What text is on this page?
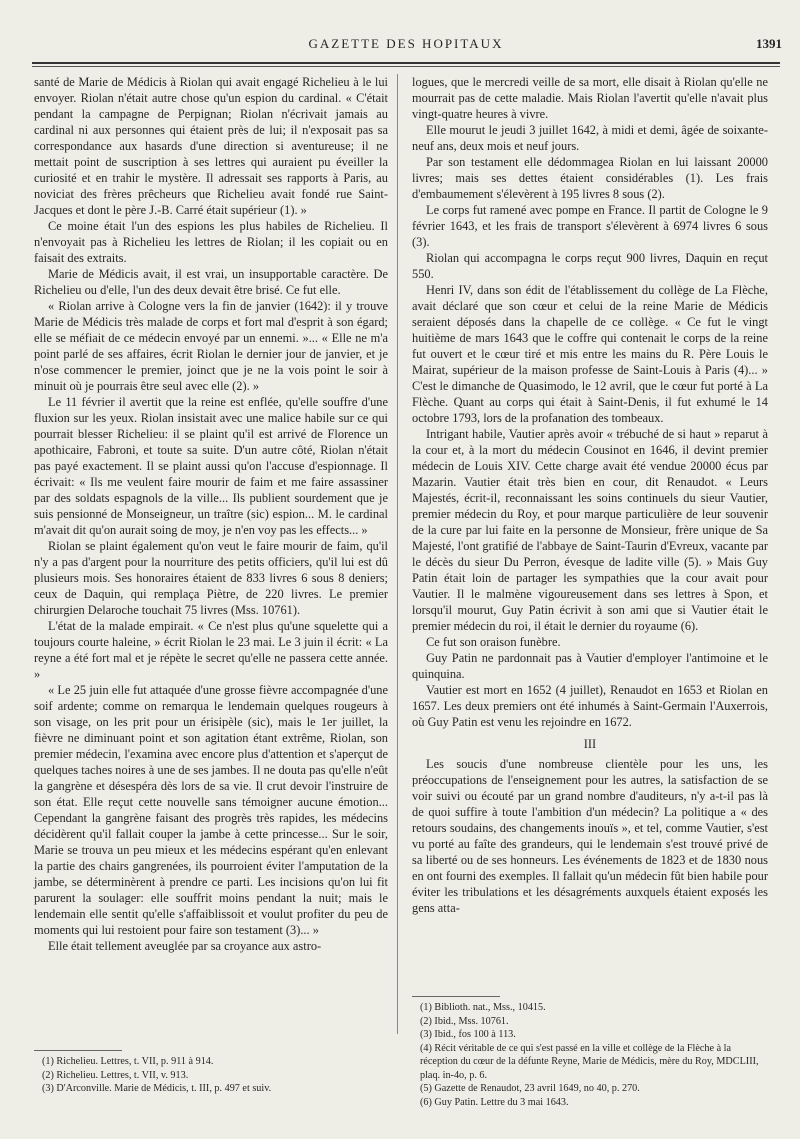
GAZETTE DES HOPITAUX	1391

santé de Marie de Médicis à Riolan qui avait engagé Richelieu à le lui envoyer. Riolan n'était autre chose qu'un espion du cardinal. « C'était pendant la campagne de Perpignan; Riolan n'écrivait jamais au cardinal ni aux personnes qui étaient près de lui; il n'exposait pas sa correspondance aux hasards d'une direction si aventureuse; il ne mettait point de suscription à ses lettres qui auraient pu éveiller la curiosité et en trahir le mystère. Il adressait ses rapports à Paris, au noviciat des frères prêcheurs que Richelieu avait fondé rue Saint-Jacques et dont le père J.-B. Carré était supérieur (1). »

Ce moine était l'un des espions les plus habiles de Richelieu. Il n'envoyait pas à Richelieu les lettres de Riolan; il les copiait ou en faisait des extraits.

Marie de Médicis avait, il est vrai, un insupportable caractère. De Richelieu ou d'elle, l'un des deux devait être brisé. Ce fut elle.

« Riolan arrive à Cologne vers la fin de janvier (1642): il y trouve Marie de Médicis très malade de corps et fort mal d'esprit à son égard; elle se méfiait de ce médecin envoyé par un ennemi. »... « Elle ne m'a point parlé de ses affaires, écrit Riolan le dernier jour de janvier, et je n'ose commencer le premier, joinct que je ne la vois point le soir à minuit où je pourrais être seul avec elle (2). »

Le 11 février il avertit que la reine est enflée, qu'elle souffre d'une fluxion sur les yeux. Riolan insistait avec une malice habile sur ce qui pourrait blesser Richelieu: il se plaint qu'il est arrivé de Florence un apothicaire, Fabroni, et toute sa suite. D'un autre côté, Riolan n'était pas payé exactement. Il se plaint aussi qu'on l'accuse d'espionnage. Il écrivait: « Ils me veulent faire mourir de faim et me faire assassiner par des soldats espagnols de la ville... Ils publient sourdement que je suis pensionné de Monseigneur, un traître (sic) espion... M. le cardinal m'avait dit qu'on aurait soing de moy, je n'en voy pas les effects... »

Riolan se plaint également qu'on veut le faire mourir de faim, qu'il n'y a pas d'argent pour la nourriture des petits officiers, qu'il lui est dû plusieurs mois. Ses honoraires étaient de 833 livres 6 sous 8 deniers; ceux de Daquin, qui remplaça Piètre, de 220 livres. Le premier chirurgien Delaroche touchait 75 livres (Mss. 10761).

L'état de la malade empirait. « Ce n'est plus qu'une squelette qui a toujours courte haleine, » écrit Riolan le 23 mai. Le 3 juin il écrit: « La reyne a été fort mal et je répète le secret qu'elle ne passera cette année. »

« Le 25 juin elle fut attaquée d'une grosse fièvre accompagnée d'une soif ardente; comme on remarqua le lendemain quelques rougeurs à son visage, on les prit pour un érisipèle (sic), mais le 1er juillet, la fièvre ne diminuant point et son agitation étant extrême, Riolan, son premier médecin, l'examina avec encore plus d'attention et s'aperçut de quelques taches noires à une de ses jambes. Il ne douta pas qu'elle n'eût la gangrène et désespéra dès lors de sa vie. Il crut devoir l'instruire de son état. Elle reçut cette nouvelle sans témoigner aucune émotion... Cependant la gangrène faisant des progrès très rapides, les médecins décidèrent qu'il fallait couper la jambe à cette princesse... Sur le soir, Marie se trouva un peu mieux et les médecins espérant qu'en enlevant la partie des chairs gangrenées, ils pourroient éviter l'amputation de la jambe, se déterminèrent à prendre ce parti. Les incisions qu'on lui fit parurent la soulager: elle souffrit moins pendant la nuit; mais le lendemain elle sentit qu'elle s'affaiblissoit et voulut profiter du peu de moments qui lui restoient pour faire son testament (3)... »

Elle était tellement aveuglée par sa croyance aux astro-

logues, que le mercredi veille de sa mort, elle disait à Riolan qu'elle ne mourrait pas de cette maladie. Mais Riolan l'avertit qu'elle n'avait plus vingt-quatre heures à vivre.

Elle mourut le jeudi 3 juillet 1642, à midi et demi, âgée de soixante-neuf ans, deux mois et neuf jours.

Par son testament elle dédommagea Riolan en lui laissant 20000 livres; mais ses dettes étaient considérables (1). Les frais d'embaumement s'élevèrent à 195 livres 8 sous (2).

Le corps fut ramené avec pompe en France. Il partit de Cologne le 9 février 1643, et les frais de transport s'élevèrent à 6974 livres 6 sous (3).

Riolan qui accompagna le corps reçut 900 livres, Daquin en reçut 550.

Henri IV, dans son édit de l'établissement du collège de La Flèche, avait déclaré que son cœur et celui de la reine Marie de Médicis seraient déposés dans la chapelle de ce collège. « Ce fut le vingt huitième de mars 1643 que le coffre qui contenait le corps de la reine fut ouvert et le cœur tiré et mis entre les mains du R. Père Louis le Mairat, supérieur de la maison professe de Saint-Louis à Paris (4)... » C'est le dimanche de Quasimodo, le 12 avril, que le cœur fut porté à La Flèche. Quant au corps qui était à Saint-Denis, il fut exhumé le 14 octobre 1793, lors de la profanation des tombeaux.

Intrigant habile, Vautier après avoir « trébuché de si haut » reparut à la cour et, à la mort du médecin Cousinot en 1646, il devint premier médecin de Louis XIV. Cette charge avait été vendue 20000 écus par Mazarin. Vautier était très bien en cour, dit Renaudot. « Leurs Majestés, écrit-il, reconnaissant les soins continuels du sieur Vautier, premier médecin du Roy, et pour marque particulière de leur souvenir de la cure par lui faite en la personne de Monsieur, frère unique de Sa Majesté, l'ont gratifié de l'abbaye de Saint-Taurin d'Evreux, vacante par le décès du sieur Du Perron, évesque de ladite ville (5). » Mais Guy Patin était loin de partager les sympathies que la cour avait pour Vautier. Il le malmène vigoureusement dans ses lettres à Spon, et lorsqu'il mourut, Guy Patin écrivit à son ami que si Vautier était le premier médecin du roi, il était le dernier du royaume (6).

Ce fut son oraison funèbre.

Guy Patin ne pardonnait pas à Vautier d'employer l'antimoine et le quinquina.

Vautier est mort en 1652 (4 juillet), Renaudot en 1653 et Riolan en 1657. Les deux premiers ont été inhumés à Saint-Germain l'Auxerrois, où Guy Patin est venu les rejoindre en 1672.

III

Les soucis d'une nombreuse clientèle pour les uns, les préoccupations de l'enseignement pour les autres, la satisfaction de se voir suivi ou écouté par un grand nombre d'auditeurs, n'y a-t-il pas là de quoi suffire à toute l'ambition d'un médecin? La politique a « des retours soudains, des changements inouïs », et tel, comme Vautier, s'est vu porté au faîte des grandeurs, qui le lendemain s'est trouvé privé de sa liberté ou de ses honneurs. Les événements de 1823 et de 1830 nous en ont fourni des exemples. Il fallait qu'un médecin fût bien habile pour éviter les tribulations et les désagréments auxquels étaient exposés les gens atta-

(1) Richelieu. Lettres, t. VII, p. 911 à 914.
(2) Richelieu. Lettres, t. VII, v. 913.
(3) D'Arconville. Marie de Médicis, t. III, p. 497 et suiv.
(1) Biblioth. nat., Mss., 10415.
(2) Ibid., Mss. 10761.
(3) Ibid., fos 100 à 113.
(4) Récit véritable de ce qui s'est passé en la ville et collège de la Flèche à la réception du cœur de la défunte Reyne, Marie de Médicis, mère du Roy, MDCLIII, plaq. in-4o, p. 6.
(5) Gazette de Renaudot, 23 avril 1649, no 40, p. 270.
(6) Guy Patin. Lettre du 3 mai 1643.
